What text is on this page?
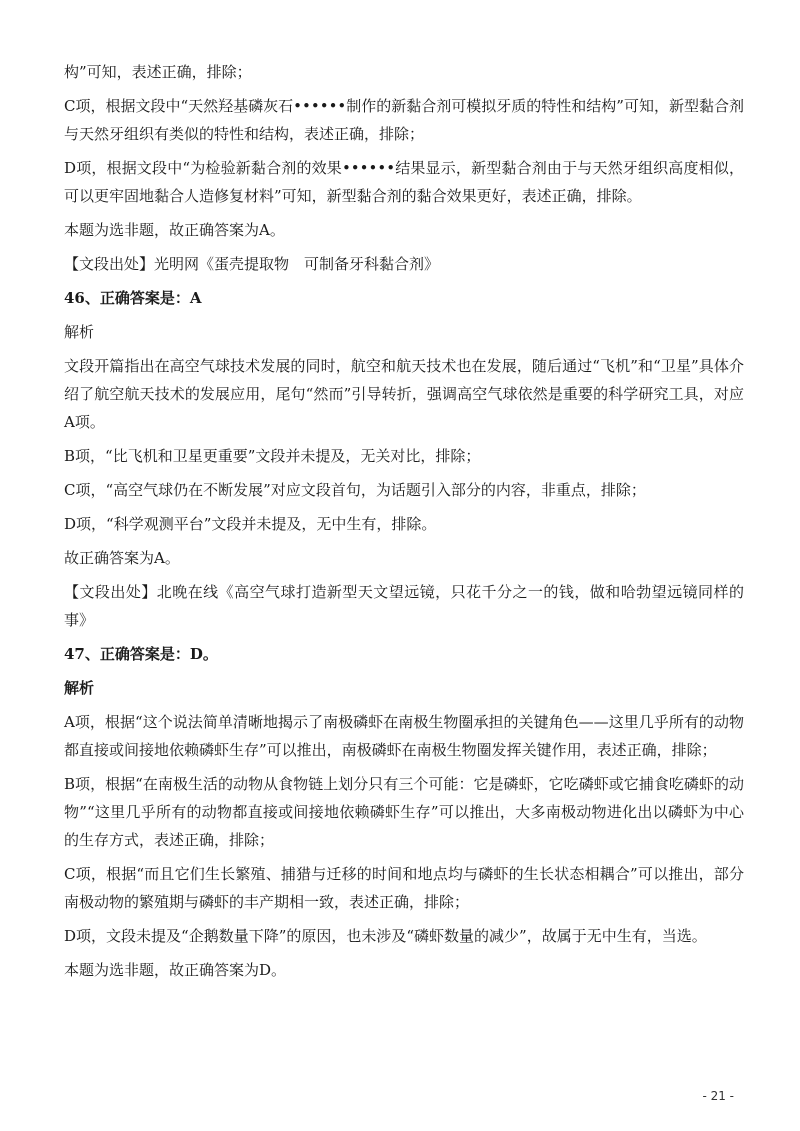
构”可知，表述正确，排除；

C项，根据文段中“天然羟基磷灰石••••••制作的新黏合剂可模拟牙质的特性和结构”可知，新型黏合剂与天然牙组织有类似的特性和结构，表述正确，排除；

D项，根据文段中“为检验新黏合剂的效果••••••结果显示，新型黏合剂由于与天然牙组织高度相似，可以更牢固地黏合人造修复材料”可知，新型黏合剂的黏合效果更好，表述正确，排除。

本题为选非题，故正确答案为A。

【文段出处】光明网《蛋壳提取物　可制备牙科黏合剂》

46、正确答案是：A

解析

文段开篇指出在高空气球技术发展的同时，航空和航天技术也在发展，随后通过“飞机”和“卫星”具体介绍了航空航天技术的发展应用，尾句“然而”引导转折，强调高空气球依然是重要的科学研究工具，对应A项。

B项，“比飞机和卫星更重要”文段并未提及，无关对比，排除；

C项，“高空气球仍在不断发展”对应文段首句，为话题引入部分的内容，非重点，排除；

D项，“科学观测平台”文段并未提及，无中生有，排除。

故正确答案为A。

【文段出处】北晚在线《高空气球打造新型天文望远镜，只花千分之一的钱，做和哈勃望远镜同样的事》

47、正确答案是：D。

解析

A项，根据“这个说法简单清晰地揭示了南极磷虾在南极生物圈承担的关键角色——这里几乎所有的动物都直接或间接地依赖磷虾生存”可以推出，南极磷虾在南极生物圈发挥关键作用，表述正确，排除；

B项，根据“在南极生活的动物从食物链上划分只有三个可能：它是磷虾，它吃磷虾或它捕食吃磷虾的动物”“这里几乎所有的动物都直接或间接地依赖磷虾生存”可以推出，大多南极动物进化出以磷虾为中心的生存方式，表述正确，排除；

C项，根据“而且它们生长繁殖、捕猎与迁移的时间和地点均与磷虾的生长状态相耦合”可以推出，部分南极动物的繁殖期与磷虾的丰产期相一致，表述正确，排除；

D项，文段未提及“企鹅数量下降”的原因，也未涉及“磷虾数量的减少”，故属于无中生有，当选。

本题为选非题，故正确答案为D。

- 21 -
